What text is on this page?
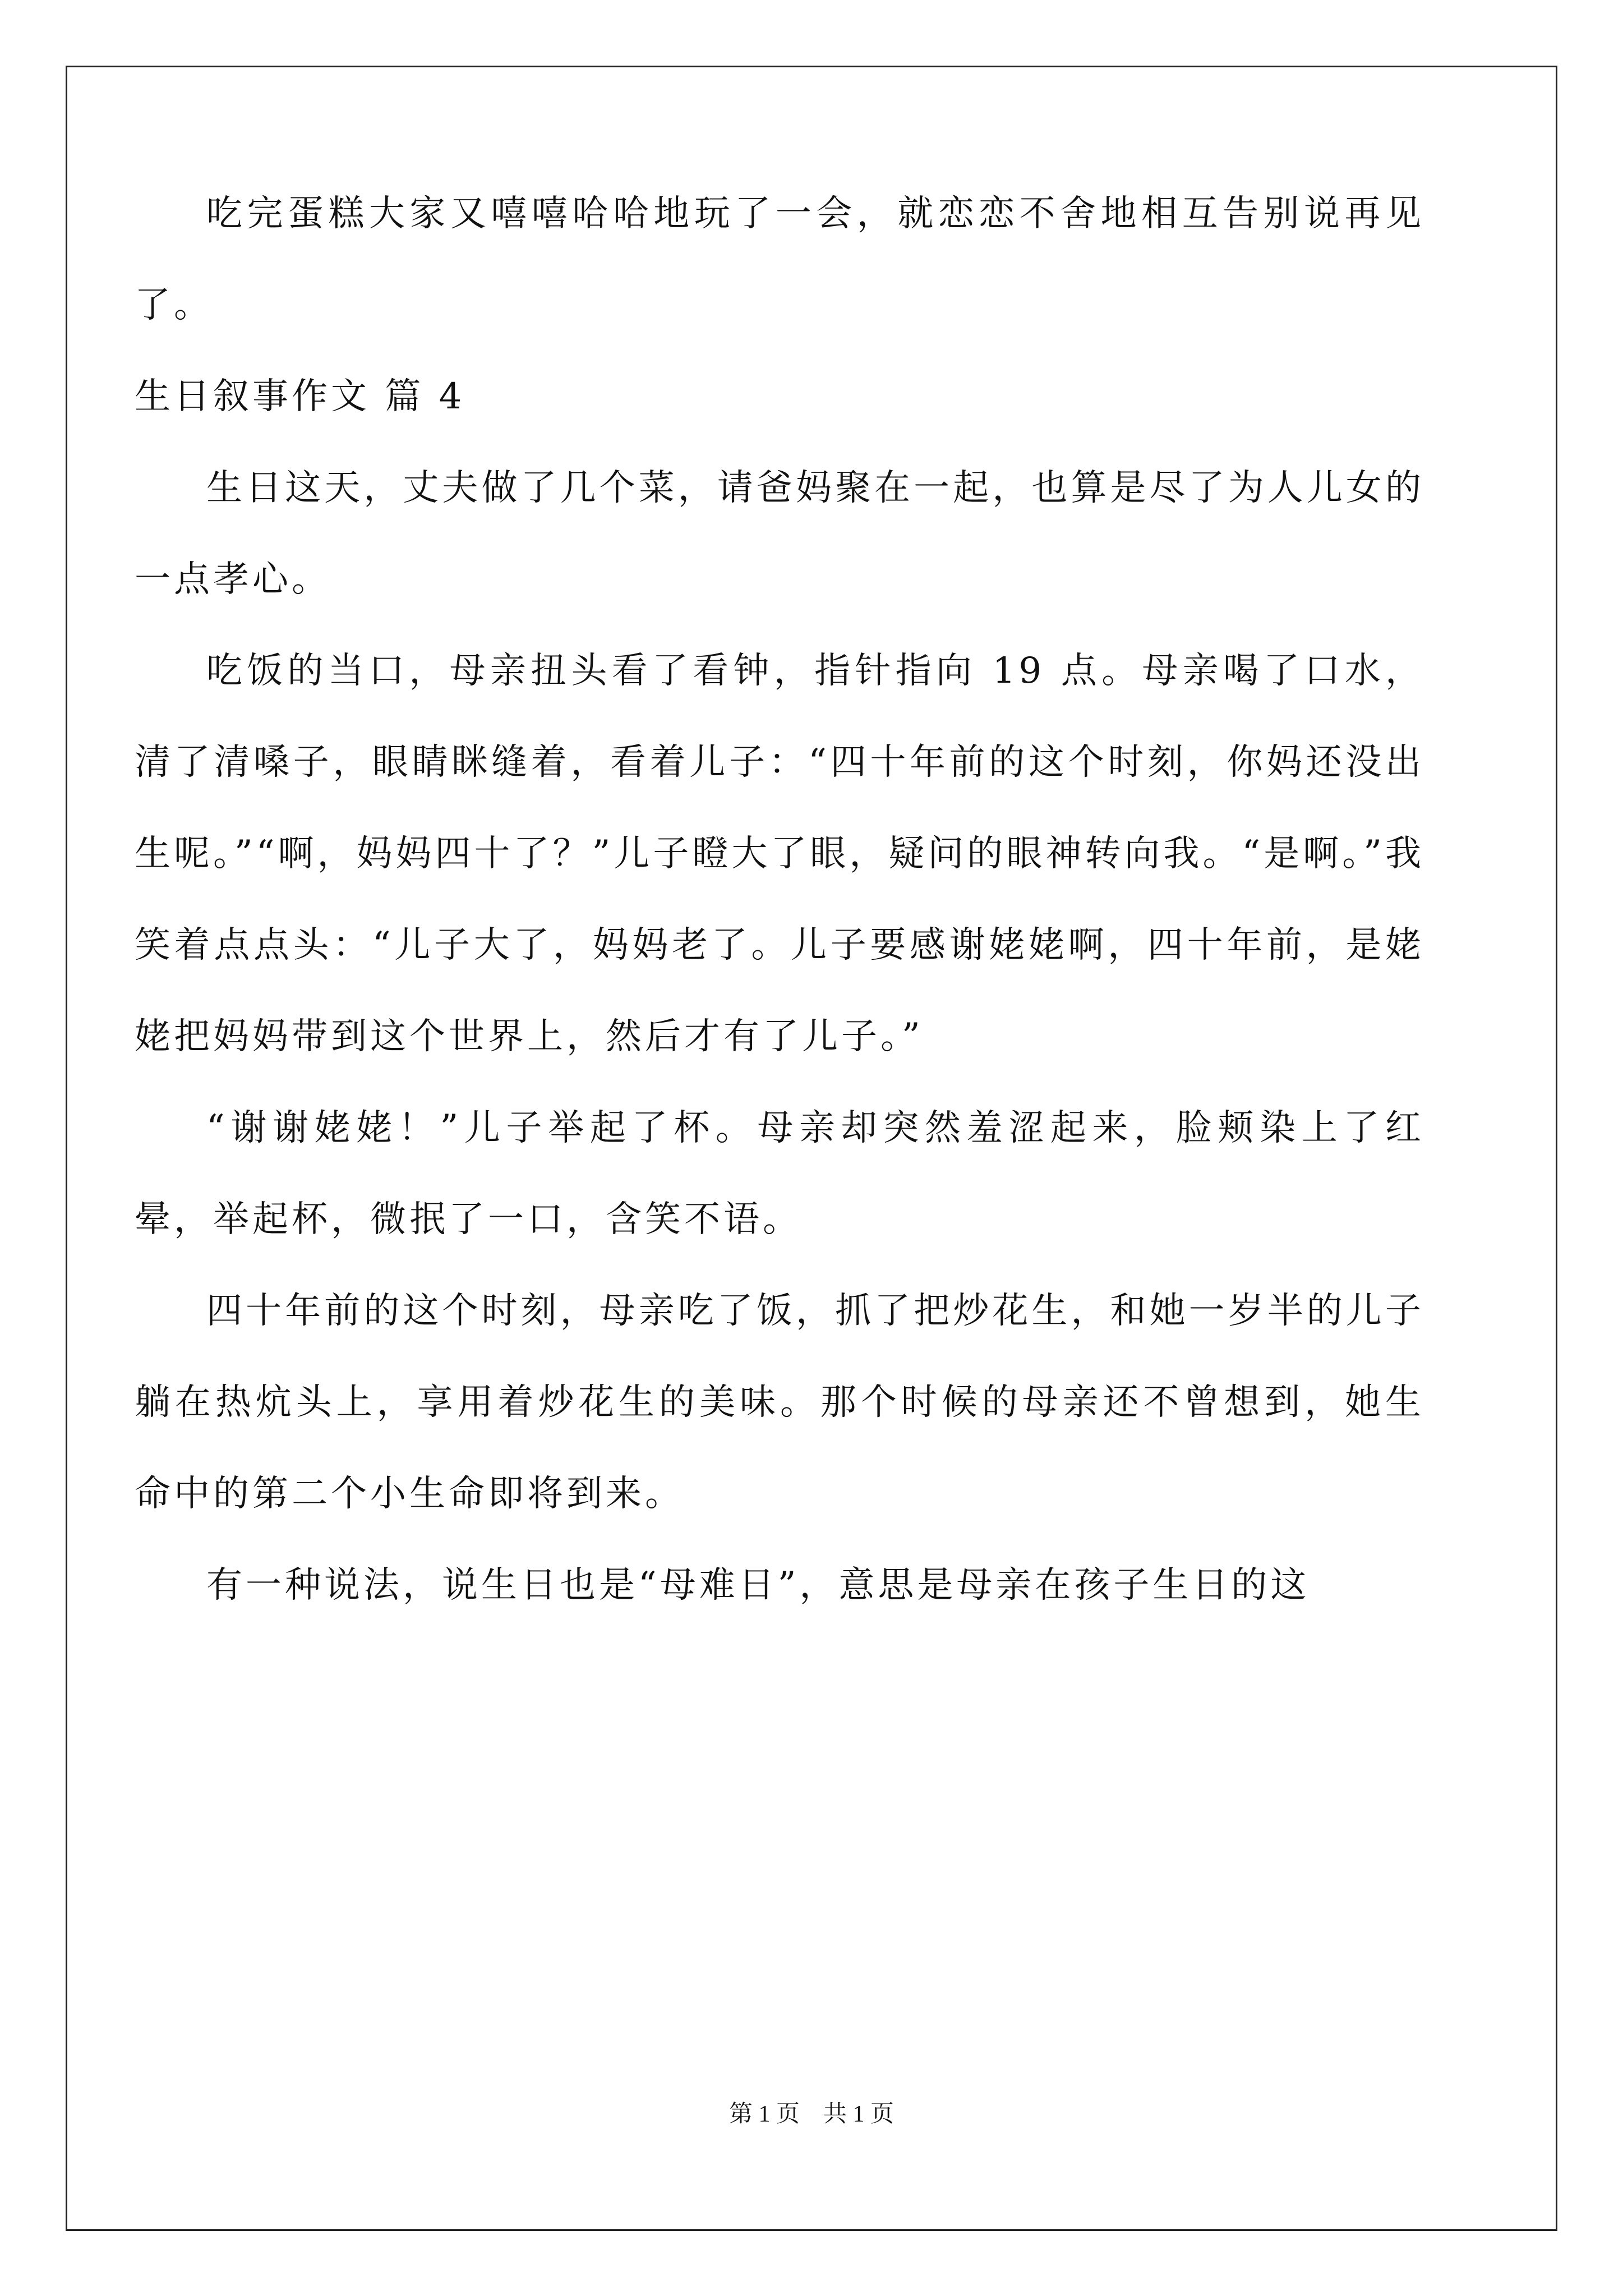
吃完蛋糕大家又嘻嘻哈哈地玩了一会，就恋恋不舍地相互告别说再见了。

生日叙事作文 篇 4

生日这天，丈夫做了几个菜，请爸妈聚在一起，也算是尽了为人儿女的一点孝心。

吃饭的当口，母亲扭头看了看钟，指针指向 19 点。母亲喝了口水，清了清嗓子，眼睛眯缝着，看着儿子：“四十年前的这个时刻，你妈还没出生呢。”“啊，妈妈四十了？”儿子瞪大了眼，疑问的眼神转向我。“是啊。”我笑着点点头：“儿子大了，妈妈老了。儿子要感谢姥姥啊，四十年前，是姥姥把妈妈带到这个世界上，然后才有了儿子。”

“谢谢姥姥！”儿子举起了杯。母亲却突然羞涩起来，脸颊染上了红晕，举起杯，微抿了一口，含笑不语。

四十年前的这个时刻，母亲吃了饭，抓了把炒花生，和她一岁半的儿子躺在热炕头上，享用着炒花生的美味。那个时候的母亲还不曾想到，她生命中的第二个小生命即将到来。

有一种说法，说生日也是“母难日”，意思是母亲在孩子生日的这

第 1 页    共 1 页
